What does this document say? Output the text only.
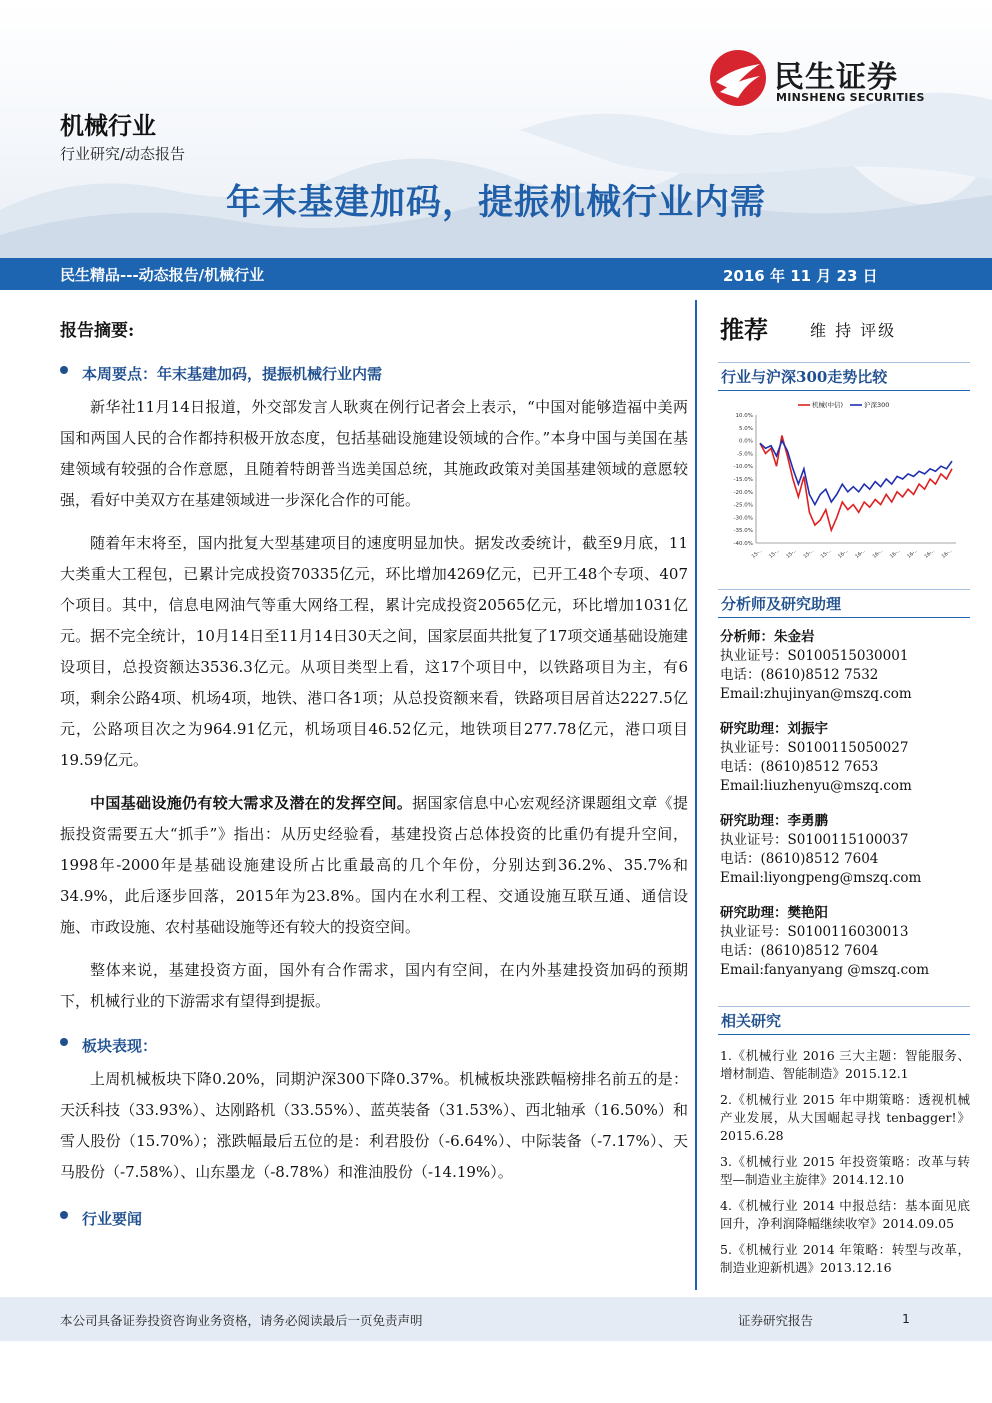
机械行业
行业研究/动态报告
年末基建加码，提振机械行业内需
民生证券
MINSHENG SECURITIES
民生精品---动态报告/机械行业	2016 年 11 月 23 日
报告摘要:
本周要点：年末基建加码，提振机械行业内需

新华社11月14日报道，外交部发言人耿爽在例行记者会上表示，“中国对能够造福中美两国和两国人民的合作都持积极开放态度，包括基础设施建设领域的合作。”本身中国与美国在基建领域有较强的合作意愿，且随着特朗普当选美国总统，其施政政策对美国基建领域的意愿较强，看好中美双方在基建领域进一步深化合作的可能。

随着年末将至，国内批复大型基建项目的速度明显加快。据发改委统计，截至9月底，11大类重大工程包，已累计完成投资70335亿元，环比增加4269亿元，已开工48个专项、407个项目。其中，信息电网油气等重大网络工程，累计完成投资20565亿元，环比增加1031亿元。据不完全统计，10月14日至11月14日30天之间，国家层面共批复了17项交通基础设施建设项目，总投资额达3536.3亿元。从项目类型上看，这17个项目中，以铁路项目为主，有6项，剩余公路4项、机场4项，地铁、港口各1项；从总投资额来看，铁路项目居首达2227.5亿元，公路项目次之为964.91亿元，机场项目46.52亿元，地铁项目277.78亿元，港口项目19.59亿元。

中国基础设施仍有较大需求及潜在的发挥空间。据国家信息中心宏观经济课题组文章《提振投资需要五大“抓手”》指出：从历史经验看，基建投资占总体投资的比重仍有提升空间，1998年-2000年是基础设施建设所占比重最高的几个年份，分别达到36.2%、35.7%和34.9%，此后逐步回落，2015年为23.8%。国内在水利工程、交通设施互联互通、通信设施、市政设施、农村基础设施等还有较大的投资空间。

整体来说，基建投资方面，国外有合作需求，国内有空间，在内外基建投资加码的预期下，机械行业的下游需求有望得到提振。

板块表现：

上周机械板块下降0.20%，同期沪深300下降0.37%。机械板块涨跌幅榜排名前五的是：天沃科技（33.93%）、达刚路机（33.55%）、蓝英装备（31.53%）、西北轴承（16.50%）和雪人股份（15.70%）；涨跌幅最后五位的是：利君股份（-6.64%）、中际装备（-7.17%）、天马股份（-7.58%）、山东墨龙（-8.78%）和淮油股份（-14.19%）。

行业要闻
推荐	维 持 评级
行业与沪深300走势比较
10.0%
5.0%
0.0%
-5.0%
-10.0%
-15.0%
-20.0%
-25.0%
-30.0%
-35.0%
-40.0%
15-.. 15-.. 15-.. 15-.. 15-.. 16-.. 16-.. 16-.. 16-.. 16-.. 16-.. 16-..
机械(中信)	沪深300
分析师及研究助理
分析师：朱金岩
执业证号：S0100515030001
电话：(8610)8512 7532
Email:zhujinyan@mszq.com
研究助理：刘振宇
执业证号：S0100115050027
电话：(8610)8512 7653
Email:liuzhenyu@mszq.com
研究助理：李勇鹏
执业证号：S0100115100037
电话：(8610)8512 7604
Email:liyongpeng@mszq.com
研究助理：樊艳阳
执业证号：S0100116030013
电话：(8610)8512 7604
Email:fanyanyang @mszq.com
相关研究
1.《机械行业 2016 三大主题：智能服务、增材制造、智能制造》2015.12.1
2.《机械行业 2015 年中期策略：透视机械产业发展，从大国崛起寻找 tenbagger!》2015.6.28
3.《机械行业 2015 年投资策略：改革与转型—制造业主旋律》2014.12.10
4.《机械行业 2014 中报总结：基本面见底回升，净利润降幅继续收窄》2014.09.05
5.《机械行业 2014 年策略：转型与改革，制造业迎新机遇》2013.12.16
本公司具备证券投资咨询业务资格，请务必阅读最后一页免责声明	证券研究报告	1
